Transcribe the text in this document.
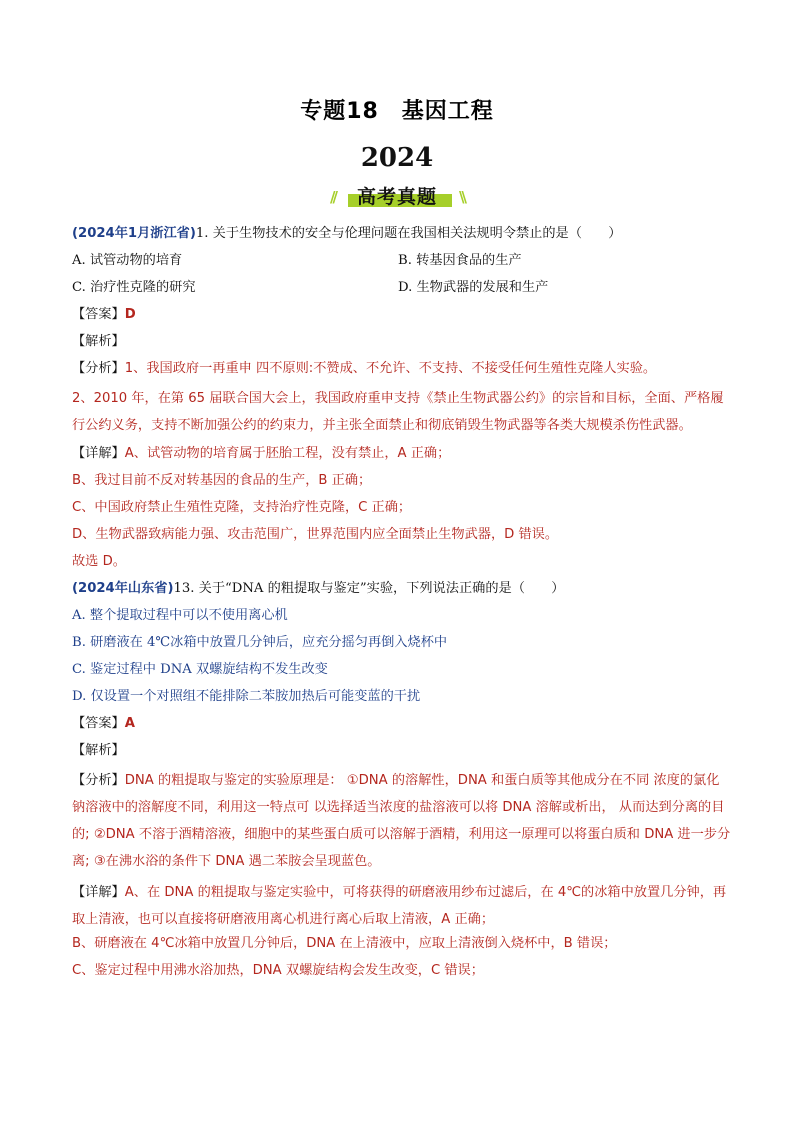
专题18　基因工程
2024
//	\\
高考真题
(2024年1月浙江省)1. 关于生物技术的安全与伦理问题在我国相关法规明令禁止的是（　　）
A. 试管动物的培育	B. 转基因食品的生产
C. 治疗性克隆的研究	D. 生物武器的发展和生产
【答案】D
【解析】
【分析】1、我国政府一再重申 四不原则:不赞成、不允许、不支持、不接受任何生殖性克隆人实验。
2、2010 年，在第 65 届联合国大会上，我国政府重申支持《禁止生物武器公约》的宗旨和目标，全面、严格履行公约义务，支持不断加强公约的约束力，并主张全面禁止和彻底销毁生物武器等各类大规模杀伤性武器。
【详解】A、试管动物的培育属于胚胎工程，没有禁止，A 正确；
B、我过目前不反对转基因的食品的生产，B 正确；
C、中国政府禁止生殖性克隆，支持治疗性克隆，C 正确；
D、生物武器致病能力强、攻击范围广，世界范围内应全面禁止生物武器，D 错误。
故选 D。
(2024年山东省)13. 关于“DNA 的粗提取与鉴定”实验，下列说法正确的是（　　）
A. 整个提取过程中可以不使用离心机
B. 研磨液在 4℃冰箱中放置几分钟后，应充分摇匀再倒入烧杯中
C. 鉴定过程中 DNA 双螺旋结构不发生改变
D. 仅设置一个对照组不能排除二苯胺加热后可能变蓝的干扰
【答案】A
【解析】
【分析】DNA 的粗提取与鉴定的实验原理是： ①DNA 的溶解性，DNA 和蛋白质等其他成分在不同 浓度的氯化钠溶液中的溶解度不同，利用这一特点可 以选择适当浓度的盐溶液可以将 DNA 溶解或析出， 从而达到分离的目的; ②DNA 不溶于酒精溶液，细胞中的某些蛋白质可以溶解于酒精，利用这一原理可以将蛋白质和 DNA 进一步分离; ③在沸水浴的条件下 DNA 遇二苯胺会呈现蓝色。
【详解】A、在 DNA 的粗提取与鉴定实验中，可将获得的研磨液用纱布过滤后，在 4℃的冰箱中放置几分钟，再取上清液，也可以直接将研磨液用离心机进行离心后取上清液，A 正确；
B、研磨液在 4℃冰箱中放置几分钟后，DNA 在上清液中，应取上清液倒入烧杯中，B 错误；
C、鉴定过程中用沸水浴加热，DNA 双螺旋结构会发生改变，C 错误；
